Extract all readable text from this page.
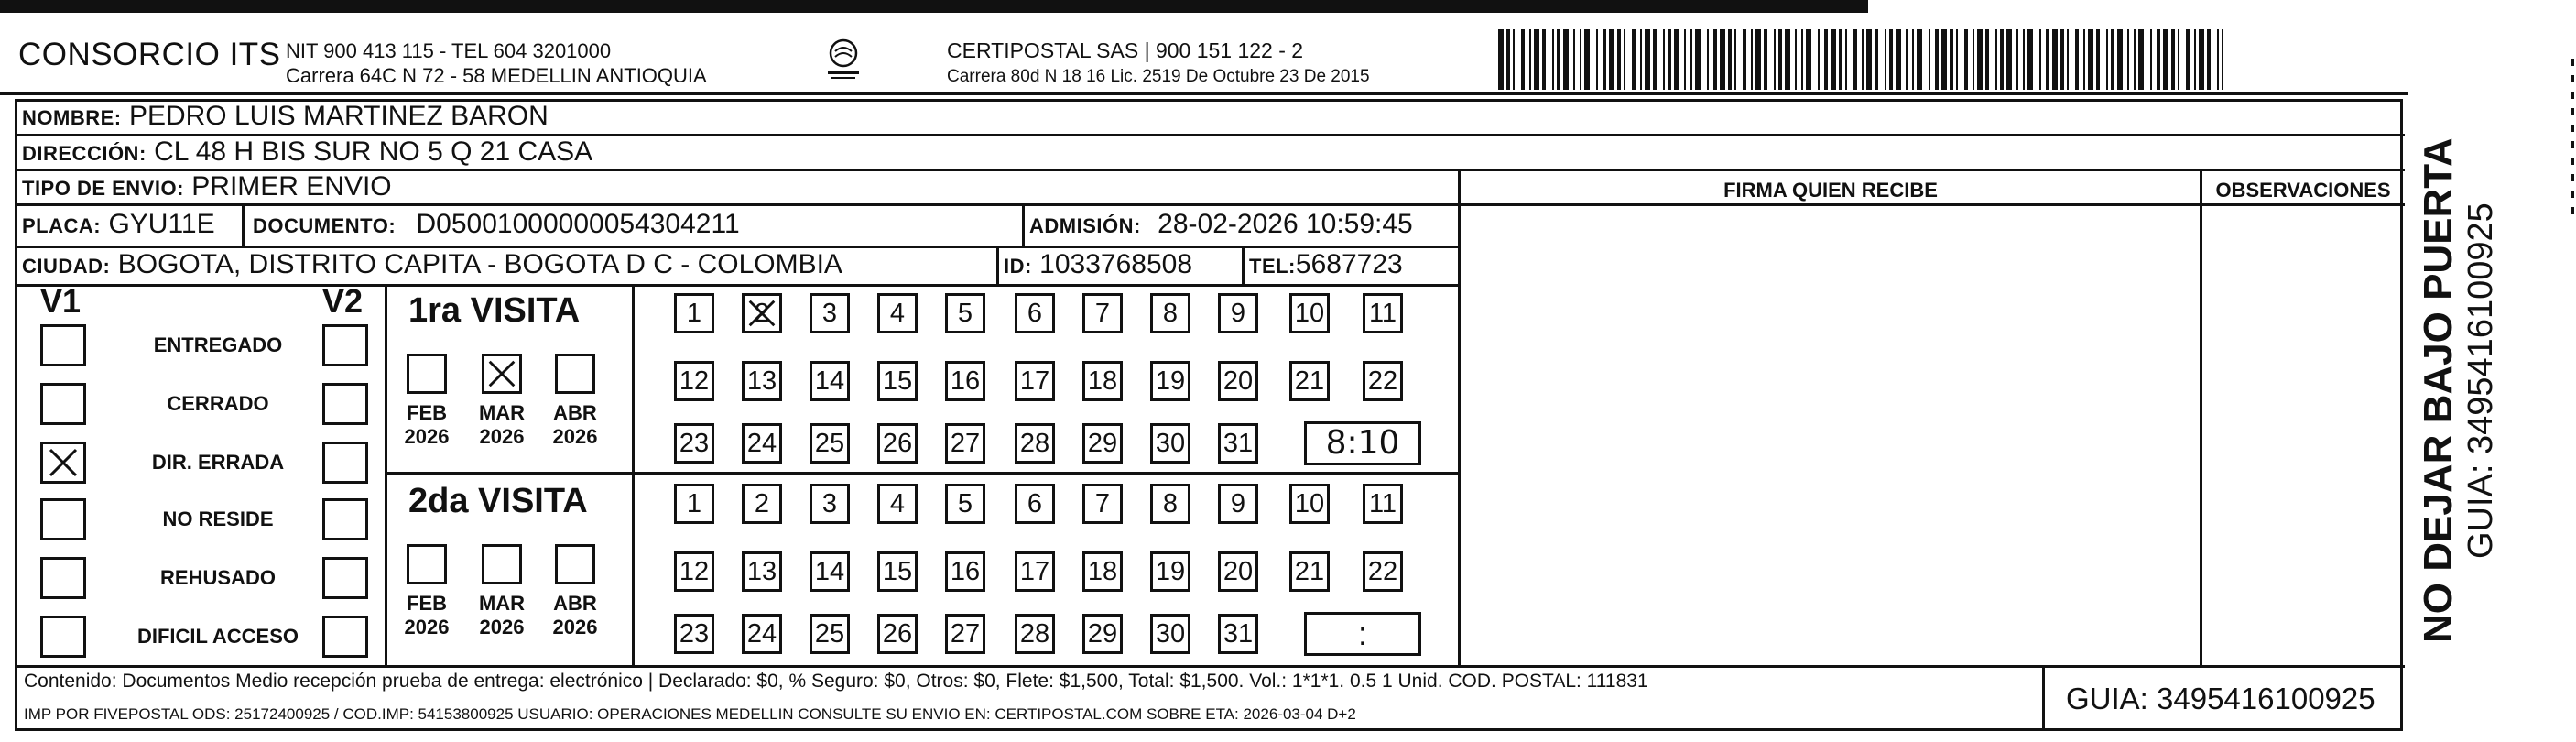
CONSORCIO ITS NIT 900 413 115 - TEL 604 3201000
Carrera 64C N 72 - 58 MEDELLIN ANTIOQUIA
CERTIPOSTAL SAS | 900 151 122 - 2
Carrera 80d N 18 16 Lic. 2519 De Octubre 23 De 2015
NOMBRE: PEDRO LUIS MARTINEZ BARON
DIRECCIÓN: CL 48 H BIS SUR NO 5 Q 21 CASA
TIPO DE ENVIO: PRIMER ENVIO	FIRMA QUIEN RECIBE	OBSERVACIONES
PLACA: GYU11E DOCUMENTO: D05001000000054304211	ADMISIÓN: 28-02-2026 10:59:45
CIUDAD: BOGOTA, DISTRITO CAPITA - BOGOTA D C - COLOMBIA	ID: 1033768508	TEL:5687723
V1	V2
ENTREGADO
CERRADO
DIR. ERRADA
NO RESIDE
REHUSADO
DIFICIL ACCESO
1ra VISITA
FEB
2026
MAR
2026
ABR
2026
1	2	3	4	5	6	7	8	9	10 11
12 13 14 15 16 17 18 19 20 21 22
23 24 25 26 27 28 29 30 31	8:10
2da VISITA
FEB
2026
MAR
2026
ABR
2026
1	2	3	4	5	6	7	8	9	10 11
12 13 14 15 16 17 18 19 20 21 22
23 24 25 26 27 28 29 30 31	:
Contenido: Documentos Medio recepción prueba de entrega: electrónico | Declarado: $0, % Seguro: $0, Otros: $0, Flete: $1,500, Total: $1,500. Vol.: 1*1*1. 0.5 1 Unid. COD. POSTAL: 111831
IMP POR FIVEPOSTAL ODS: 25172400925 / COD.IMP: 54153800925 USUARIO: OPERACIONES MEDELLIN CONSULTE SU ENVIO EN: CERTIPOSTAL.COM SOBRE ETA: 2026-03-04 D+2	GUIA: 3495416100925
NO DEJAR BAJO PUERTA GUIA: 3495416100925
